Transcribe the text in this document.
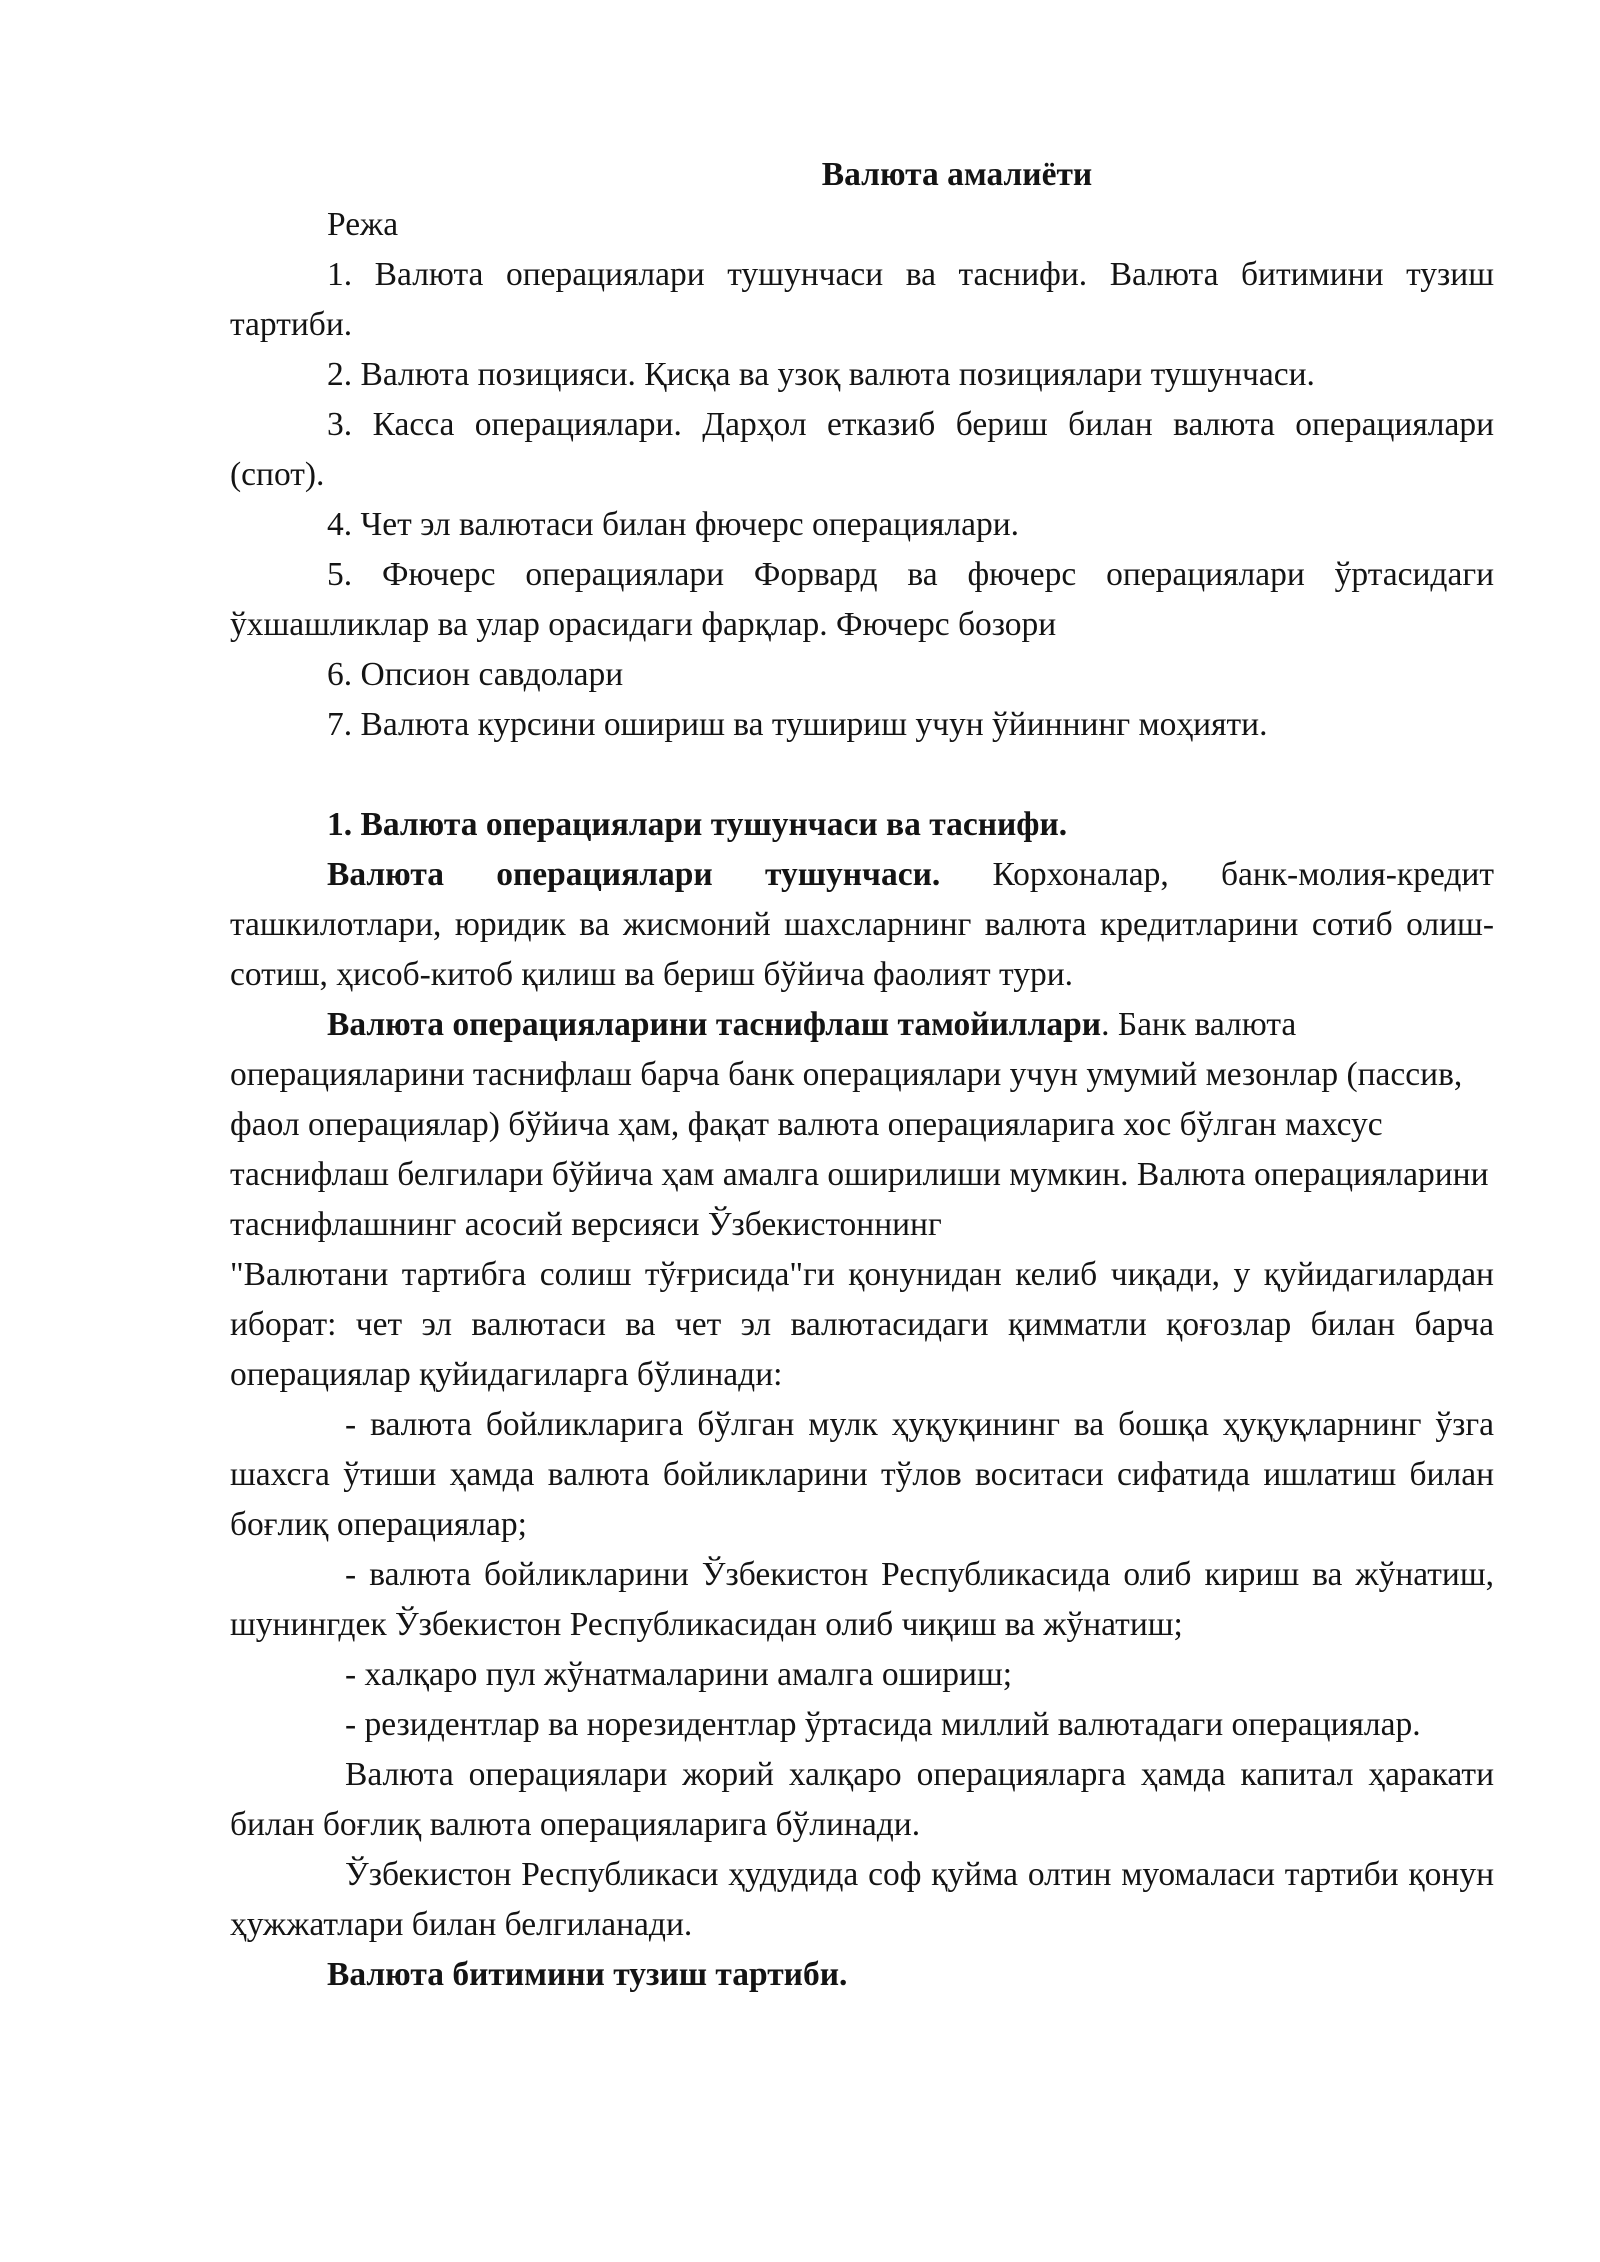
Валюта амалиёти

Режа

1. Валюта операциялари тушунчаси ва таснифи. Валюта битимини тузиш тартиби.

2. Валюта позицияси. Қисқа ва узоқ валюта позициялари тушунчаси.

3. Касса операциялари. Дарҳол етказиб бериш билан валюта операциялари (спот).

4. Чет эл валютаси билан фючерс операциялари.

5. Фючерс операциялари Форвард ва фючерс операциялари ўртасидаги ўхшашликлар ва улар орасидаги фарқлар. Фючерс бозори

6. Опсион савдолари

7. Валюта курсини ошириш ва тушириш учун ўйиннинг моҳияти.

1. Валюта операциялари тушунчаси ва таснифи.

Валюта операциялари тушунчаси. Корхоналар, банк-молия-кредит ташкилотлари, юридик ва жисмоний шахсларнинг валюта кредитларини сотиб олиш-сотиш, ҳисоб-китоб қилиш ва бериш бўйича фаолият тури.

Валюта операцияларини таснифлаш тамойиллари. Банк валюта операцияларини таснифлаш барча банк операциялари учун умумий мезонлар (пассив, фаол операциялар) бўйича ҳам, фақат валюта операцияларига хос бўлган махсус таснифлаш белгилари бўйича ҳам амалга оширилиши мумкин. Валюта операцияларини таснифлашнинг асосий версияси Ўзбекистоннинг

"Валютани тартибга солиш тўғрисида"ги қонунидан келиб чиқади, у қуйидагилардан иборат: чет эл валютаси ва чет эл валютасидаги қимматли қоғозлар билан барча операциялар қуйидагиларга бўлинади:

- валюта бойликларига бўлган мулк ҳуқуқининг ва бошқа ҳуқуқларнинг ўзга шахсга ўтиши ҳамда валюта бойликларини тўлов воситаси сифатида ишлатиш билан боғлиқ операциялар;

- валюта бойликларини Ўзбекистон Республикасида олиб кириш ва жўнатиш, шунингдек Ўзбекистон Республикасидан олиб чиқиш ва жўнатиш;

- халқаро пул жўнатмаларини амалга ошириш;

- резидентлар ва норезидентлар ўртасида миллий валютадаги операциялар.

Валюта операциялари жорий халқаро операцияларга ҳамда капитал ҳаракати билан боғлиқ валюта операцияларига бўлинади.

Ўзбекистон Республикаси ҳудудида соф қуйма олтин муомаласи тартиби қонун ҳужжатлари билан белгиланади.

Валюта битимини тузиш тартиби.
